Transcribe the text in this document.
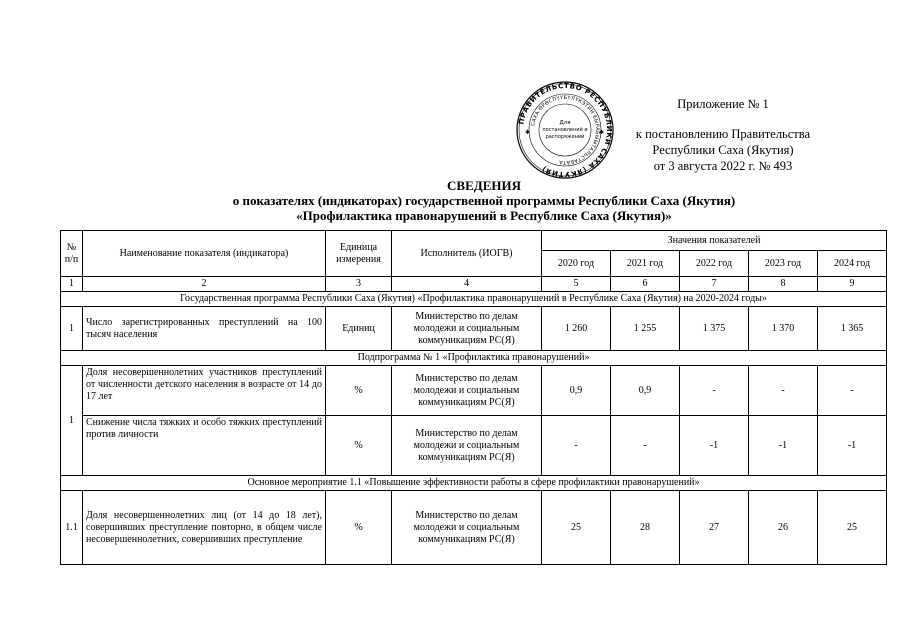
ПРАВИТЕЛЬСТВО РЕСПУБЛИКИ САХА (ЯКУТИЯ)
САХА ӨРӨСПҮҮБҮЛҮКЭТИН БЫРАБЫЫТАЛЬСТАБАТА
Для
постановлений и
распоряжений
✱	✱
Приложение № 1
к постановлению Правительства
Республики Саха (Якутия)
от 3 августа 2022 г. № 493
СВЕДЕНИЯ
о показателях (индикаторах) государственной программы Республики Саха (Якутия)
«Профилактика правонарушений в Республике Саха (Якутия)»
№ п/п	Наименование показателя (индикатора)	Единица измерения	Исполнитель (ИОГВ)	Значения показателей				
				2020 год	2021 год	2022 год	2023 год	2024 год
1	2	3	4	5	6	7	8	9
Государственная программа Республики Саха (Якутия) «Профилактика правонарушений в Республике Саха (Якутия) на 2020-2024 годы»								
1	Число зарегистрированных преступлений на 100 тысяч населения	Единиц	Министерство по делам молодежи и социальным коммуникациям РС(Я)	1 260	1 255	1 375	1 370	1 365
Подпрограмма № 1 «Профилактика правонарушений»								
1	Доля несовершеннолетних участников преступлений от численности детского населения в возрасте от 14 до 17 лет	%	Министерство по делам молодежи и социальным коммуникациям РС(Я)	0,9	0,9	-	-	-
	Снижение числа тяжких и особо тяжких преступлений против личности	%	Министерство по делам молодежи и социальным коммуникациям РС(Я)	-	-	-1	-1	-1
Основное мероприятие 1.1 «Повышение эффективности работы в сфере профилактики правонарушений»								
1.1	Доля несовершеннолетних лиц (от 14 до 18 лет), совершивших преступление повторно, в общем числе несовершеннолетних, совершивших преступление	%	Министерство по делам молодежи и социальным коммуникациям РС(Я)	25	28	27	26	25
